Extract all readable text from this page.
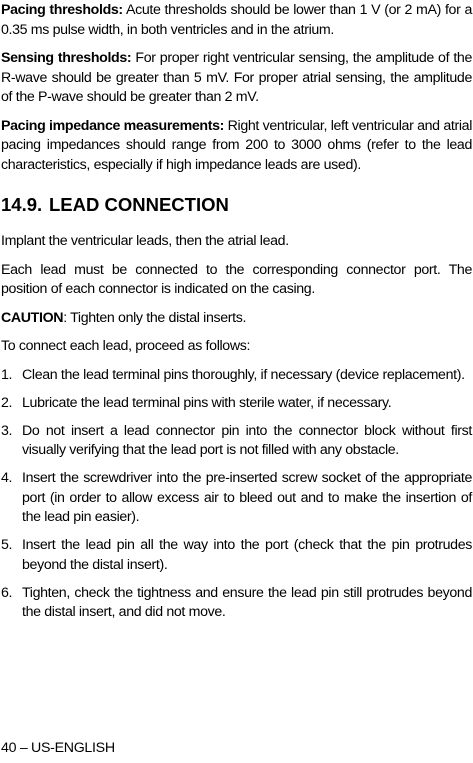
Pacing thresholds: Acute thresholds should be lower than 1 V (or 2 mA) for a 0.35 ms pulse width, in both ventricles and in the atrium.

Sensing thresholds: For proper right ventricular sensing, the amplitude of the R-wave should be greater than 5 mV. For proper atrial sensing, the amplitude of the P-wave should be greater than 2 mV.

Pacing impedance measurements: Right ventricular, left ventricular and atrial pacing impedances should range from 200 to 3000 ohms (refer to the lead characteristics, especially if high impedance leads are used).

14.9. LEAD CONNECTION

Implant the ventricular leads, then the atrial lead.

Each lead must be connected to the corresponding connector port. The position of each connector is indicated on the casing.

CAUTION: Tighten only the distal inserts.

To connect each lead, proceed as follows:

1. Clean the lead terminal pins thoroughly, if necessary (device replacement).
2. Lubricate the lead terminal pins with sterile water, if necessary.
3. Do not insert a lead connector pin into the connector block without first visually verifying that the lead port is not filled with any obstacle.
4. Insert the screwdriver into the pre-inserted screw socket of the appropriate port (in order to allow excess air to bleed out and to make the insertion of the lead pin easier).
5. Insert the lead pin all the way into the port (check that the pin protrudes beyond the distal insert).
6. Tighten, check the tightness and ensure the lead pin still protrudes beyond the distal insert, and did not move.
40 – US-ENGLISH
